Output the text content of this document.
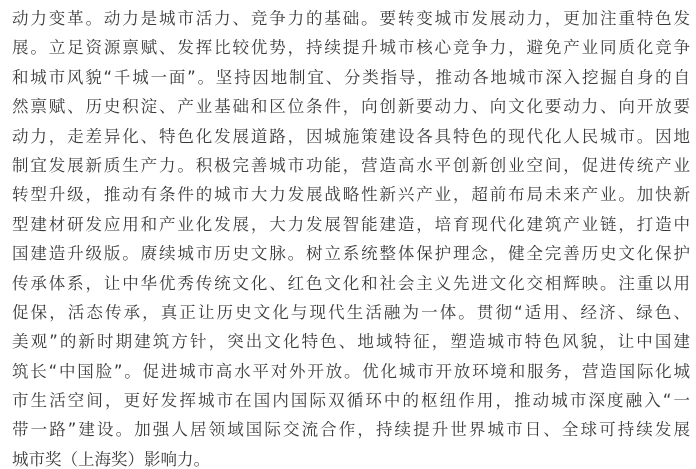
动力变革。动力是城市活力、竞争力的基础。要转变城市发展动力，更加注重特色发
展。立足资源禀赋、发挥比较优势，持续提升城市核心竞争力，避免产业同质化竞争
和城市风貌“千城一面”。坚持因地制宜、分类指导，推动各地城市深入挖掘自身的自
然禀赋、历史积淀、产业基础和区位条件，向创新要动力、向文化要动力、向开放要
动力，走差异化、特色化发展道路，因城施策建设各具特色的现代化人民城市。因地
制宜发展新质生产力。积极完善城市功能，营造高水平创新创业空间，促进传统产业
转型升级，推动有条件的城市大力发展战略性新兴产业，超前布局未来产业。加快新
型建材研发应用和产业化发展，大力发展智能建造，培育现代化建筑产业链，打造中
国建造升级版。赓续城市历史文脉。树立系统整体保护理念，健全完善历史文化保护
传承体系，让中华优秀传统文化、红色文化和社会主义先进文化交相辉映。注重以用
促保，活态传承，真正让历史文化与现代生活融为一体。贯彻“适用、经济、绿色、
美观”的新时期建筑方针，突出文化特色、地域特征，塑造城市特色风貌，让中国建
筑长“中国脸”。促进城市高水平对外开放。优化城市开放环境和服务，营造国际化城
市生活空间，更好发挥城市在国内国际双循环中的枢纽作用，推动城市深度融入“一
带一路”建设。加强人居领域国际交流合作，持续提升世界城市日、全球可持续发展
城市奖（上海奖）影响力。
